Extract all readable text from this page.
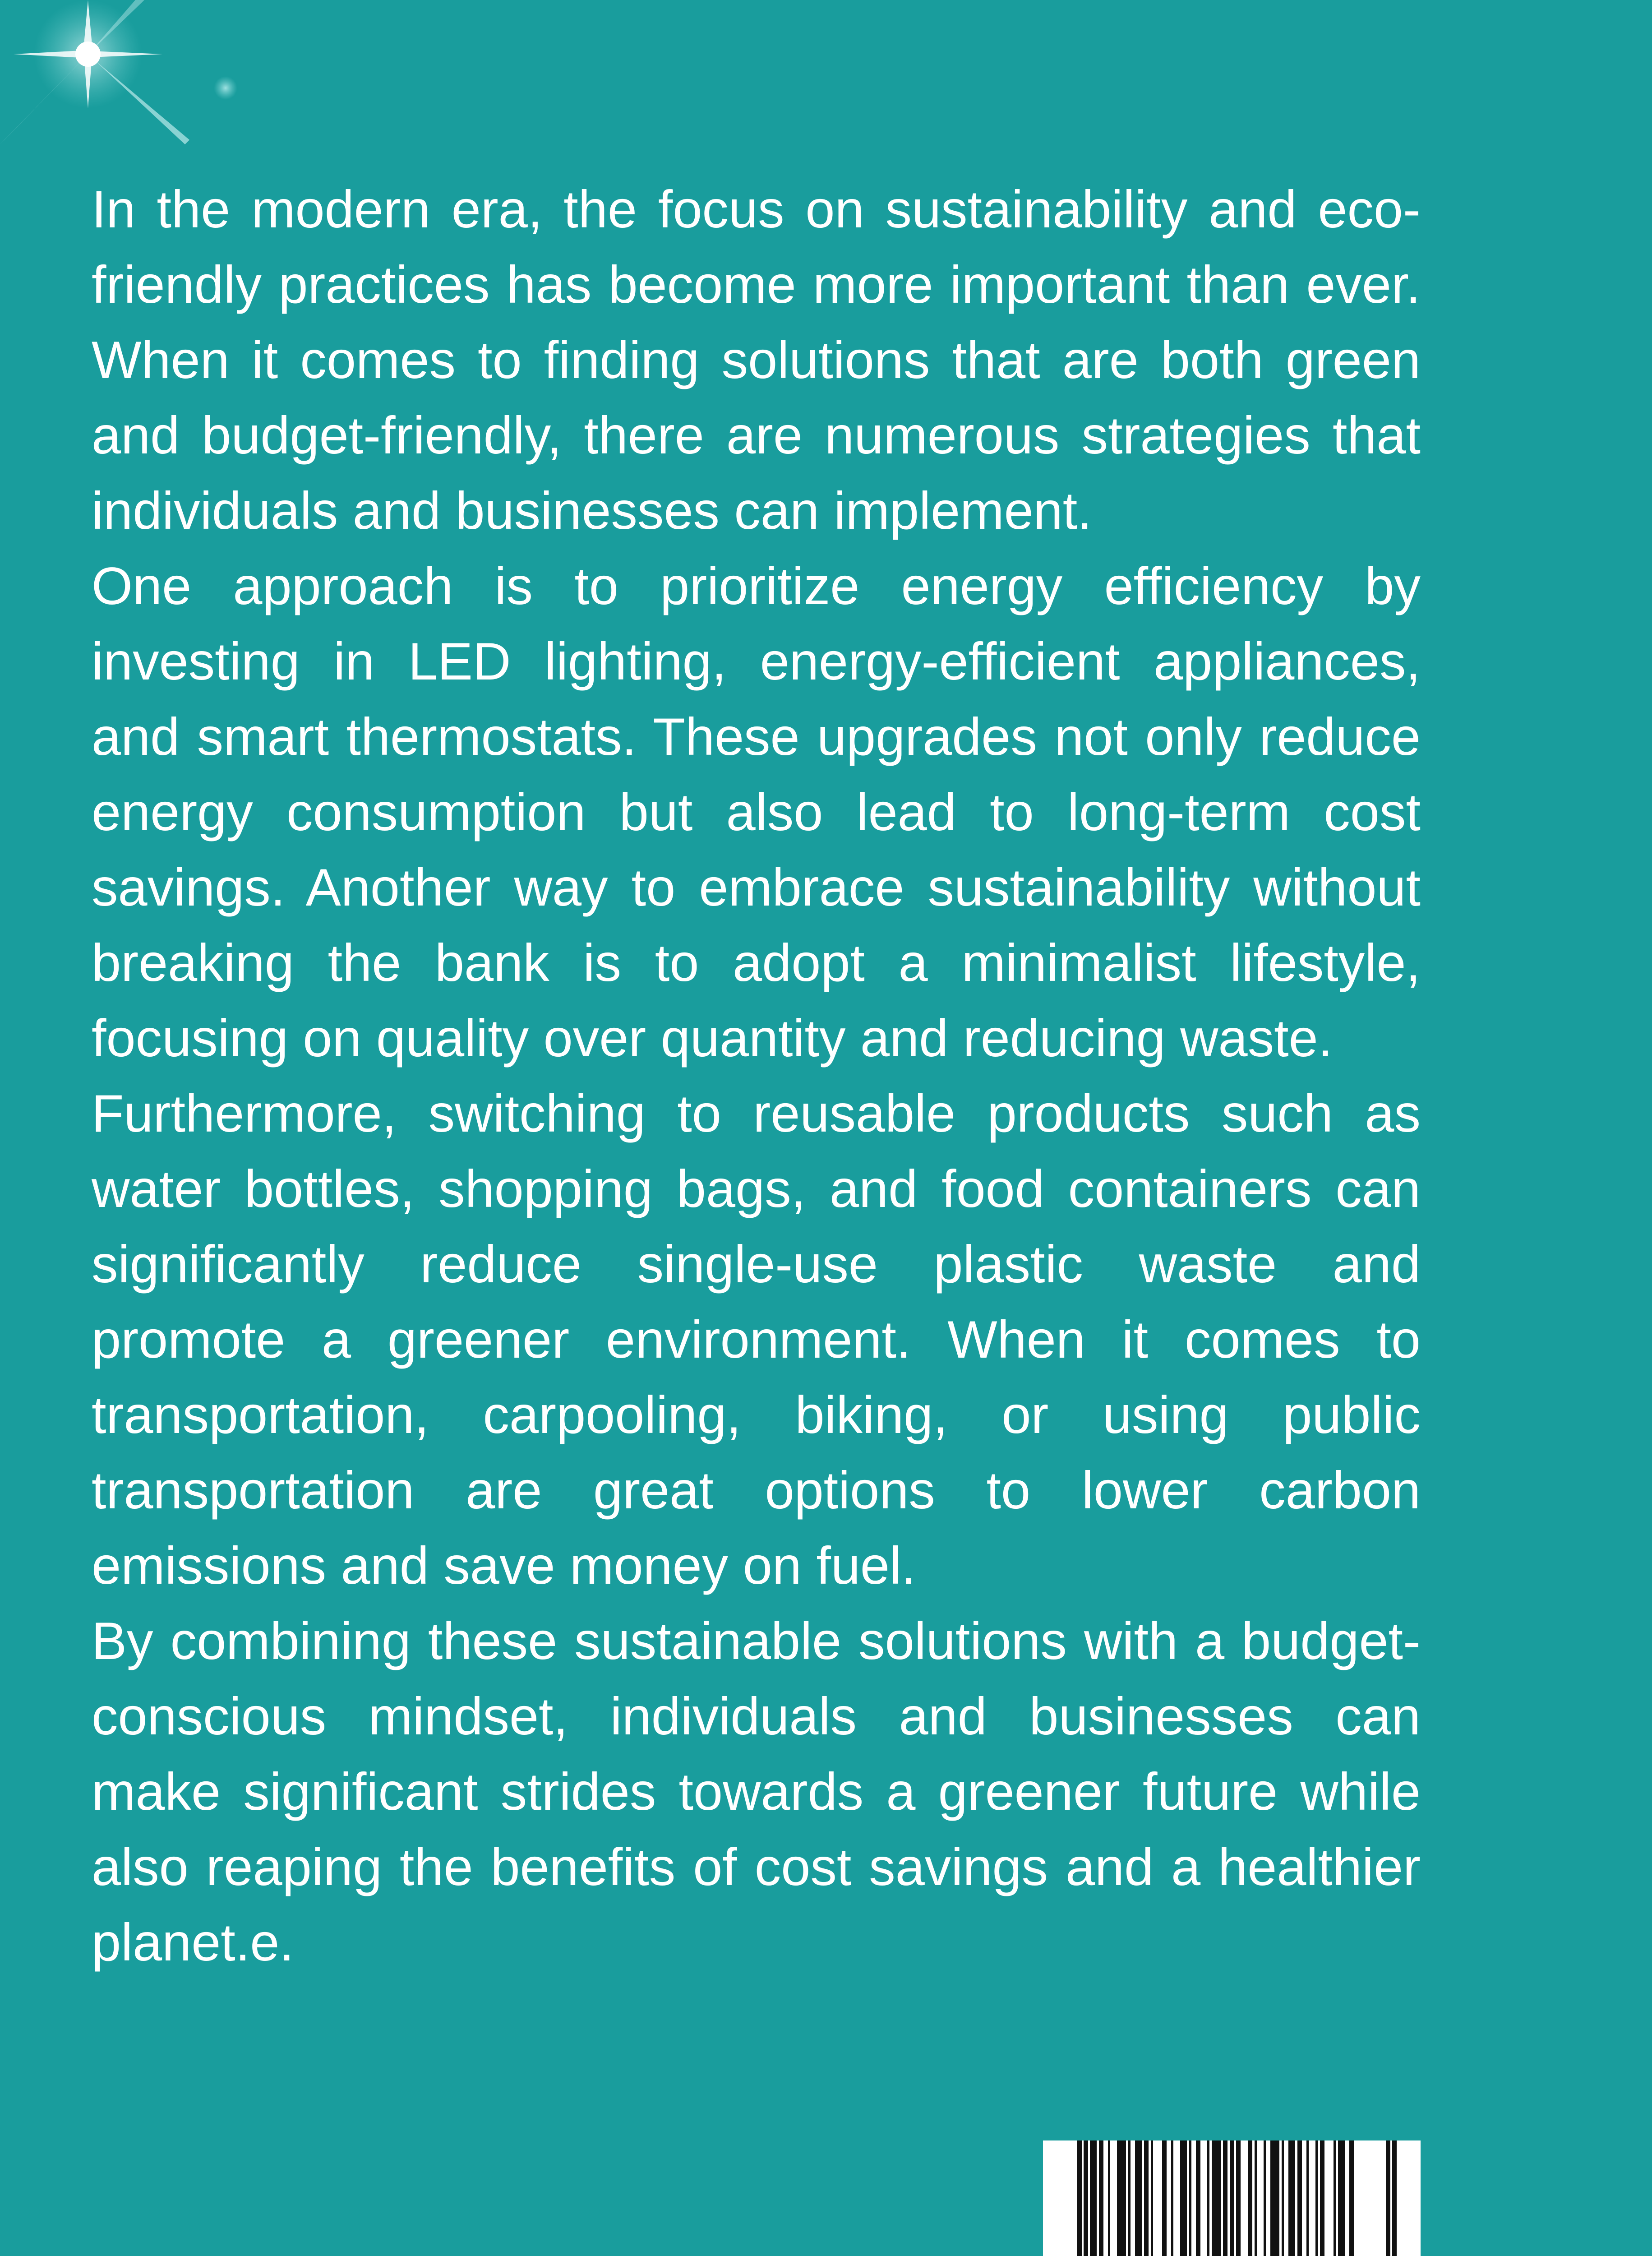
In the modern era, the focus on sustainability and eco-friendly practices has become more important than ever. When it comes to finding solutions that are both green and budget-friendly, there are numerous strategies that individuals and businesses can implement.

One approach is to prioritize energy efficiency by investing in LED lighting, energy-efficient appliances, and smart thermostats. These upgrades not only reduce energy consumption but also lead to long-term cost savings. Another way to embrace sustainability without breaking the bank is to adopt a minimalist lifestyle, focusing on quality over quantity and reducing waste.

Furthermore, switching to reusable products such as water bottles, shopping bags, and food containers can significantly reduce single-use plastic waste and promote a greener environment. When it comes to transportation, carpooling, biking, or using public transportation are great options to lower carbon emissions and save money on fuel.

By combining these sustainable solutions with a budget-conscious mindset, individuals and businesses can make significant strides towards a greener future while also reaping the benefits of cost savings and a healthier planet.e.
